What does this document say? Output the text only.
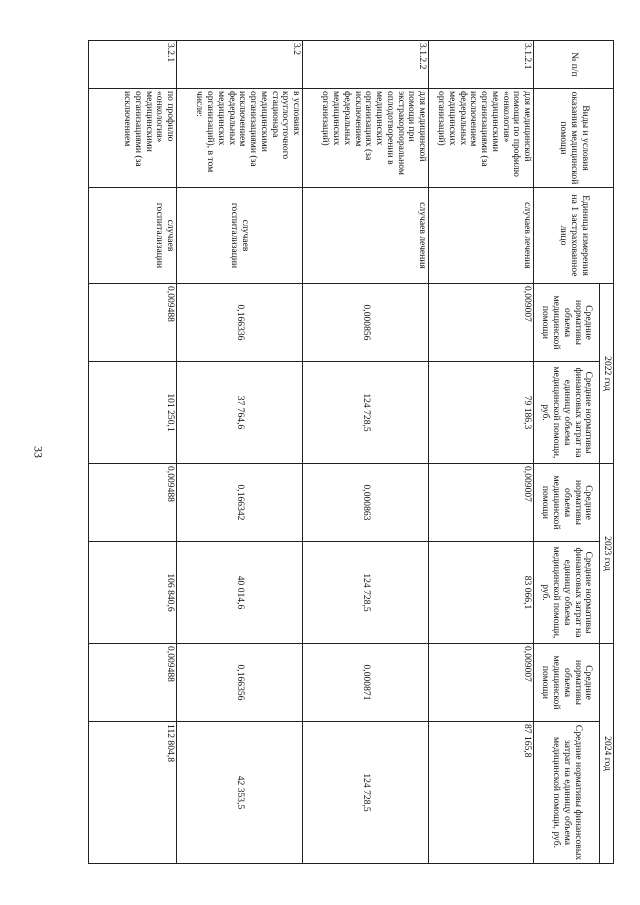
33
№ п/п	Виды и условия оказания медицинской помощи	Единица измерения на 1 застрахованное лицо	2022 год		2023 год		2024 год	
			Средние нормативы объема медицинской помощи	Средние нормативы финансовых затрат на единицу объема медицинской помощи, руб.	Средние нормативы объема медицинской помощи	Средние нормативы финансовых затрат на единицу объема медицинской помощи, руб.	Средние нормативы объема медицинской помощи	Средние нормативы финансовых затрат на единицу объема медицинской помощи, руб.
3.1.2.1	для медицинской помощи по профилю «онкология» медицинскими организациями (за исключением федеральных медицинских организаций)	случаев лечения	0,009007	79 186,3	0,009007	83 066,1	0,009007	87 165,8
3.1.2.2	для медицинской помощи при экстракорпоральном оплодотворении в медицинских организациях (за исключением федеральных медицинских организаций)	случаев лечения	0,000856	124 728,5	0,000863	124 728,5	0,000871	124 728,5
3.2	в условиях круглосуточного стационара медицинскими организациями (за исключением федеральных медицинских организаций), в том числе:	случаев госпитализации	0,166336	37 764,6	0,166342	40 014,6	0,166356	42 353,5
3.2.1	по профилю «онкология» медицинскими организациями (за исключением	случаев госпитализации	0,009488	101 250,1	0,009488	106 840,6	0,009488	112 804,8
